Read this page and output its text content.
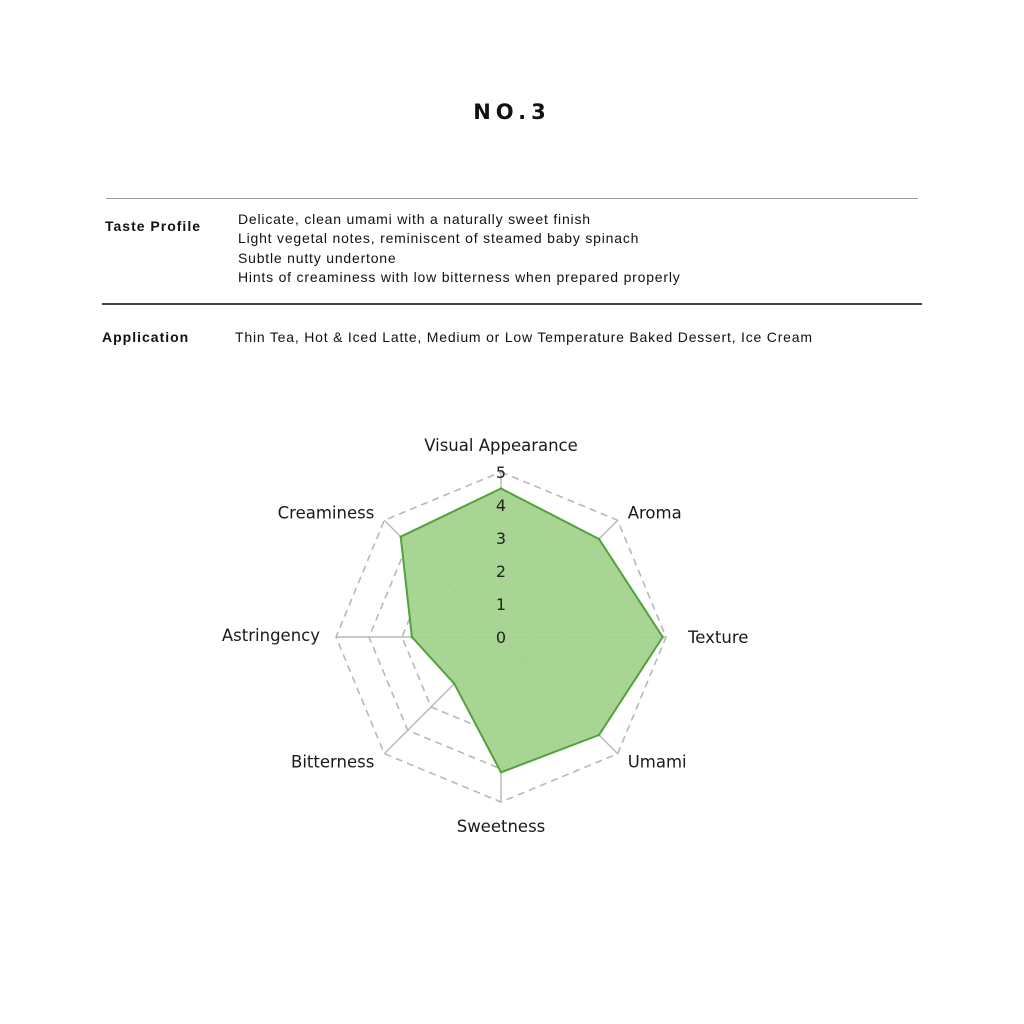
NO.3
Taste Profile	Delicate, clean umami with a naturally sweet finish
Light vegetal notes, reminiscent of steamed baby spinach
Subtle nutty undertone
Hints of creaminess with low bitterness when prepared properly
Application	Thin Tea, Hot & Iced Latte, Medium or Low Temperature Baked Dessert, Ice Cream
0
1
2
3
4
5
Visual Appearance
Aroma
Texture
Umami
Sweetness
Bitterness
Astringency
Creaminess
